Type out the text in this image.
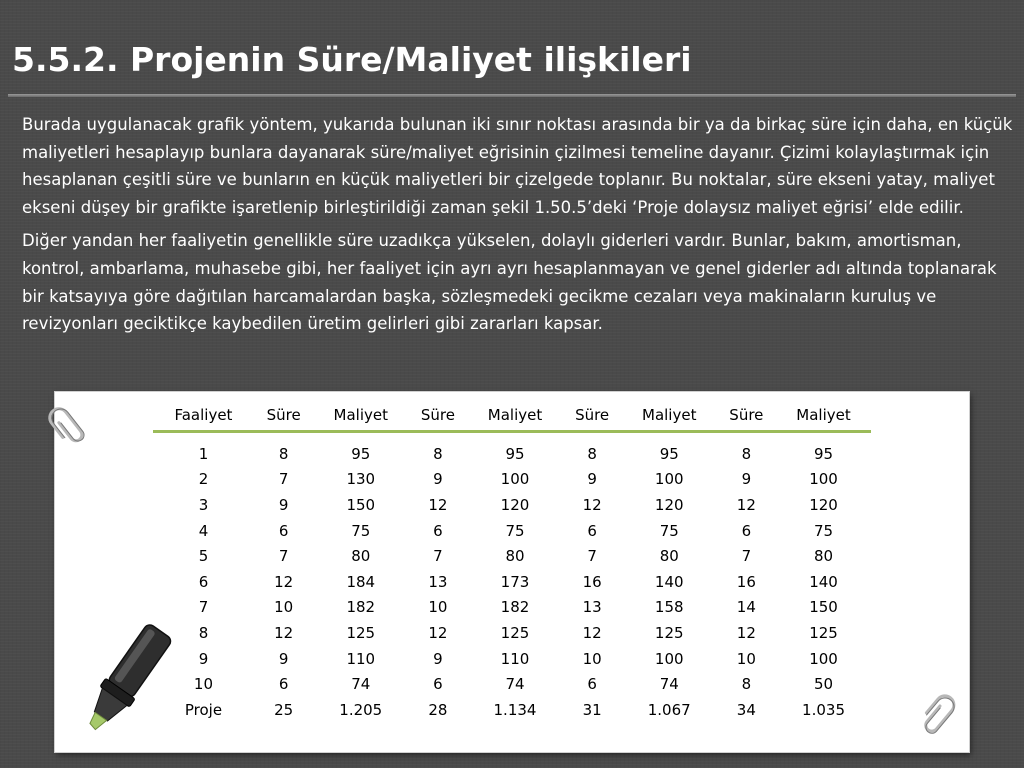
5.5.2. Projenin Süre/Maliyet ilişkileri

Burada uygulanacak grafik yöntem, yukarıda bulunan iki sınır noktası arasında bir ya da birkaç süre için daha, en küçük maliyetleri hesaplayıp bunlara dayanarak süre/maliyet eğrisinin çizilmesi temeline dayanır. Çizimi kolaylaştırmak için hesaplanan çeşitli süre ve bunların en küçük maliyetleri bir çizelgede toplanır. Bu noktalar, süre ekseni yatay, maliyet ekseni düşey bir grafikte işaretlenip birleştirildiği zaman şekil 1.50.5’deki ‘Proje dolaysız maliyet eğrisi’ elde edilir.

Diğer yandan her faaliyetin genellikle süre uzadıkça yükselen, dolaylı giderleri vardır. Bunlar, bakım, amortisman, kontrol, ambarlama, muhasebe gibi, her faaliyet için ayrı ayrı hesaplanmayan ve genel giderler adı altında toplanarak bir katsayıya göre dağıtılan harcamalardan başka, sözleşmedeki gecikme cezaları veya makinaların kuruluş ve revizyonları geciktikçe kaybedilen üretim gelirleri gibi zararları kapsar.

Faaliyet	Süre	Maliyet	Süre	Maliyet	Süre	Maliyet	Süre	Maliyet
1	8	95	8	95	8	95	8	95
2	7	130	9	100	9	100	9	100
3	9	150	12	120	12	120	12	120
4	6	75	6	75	6	75	6	75
5	7	80	7	80	7	80	7	80
6	12	184	13	173	16	140	16	140
7	10	182	10	182	13	158	14	150
8	12	125	12	125	12	125	12	125
9	9	110	9	110	10	100	10	100
10	6	74	6	74	6	74	8	50
Proje	25	1.205	28	1.134	31	1.067	34	1.035
